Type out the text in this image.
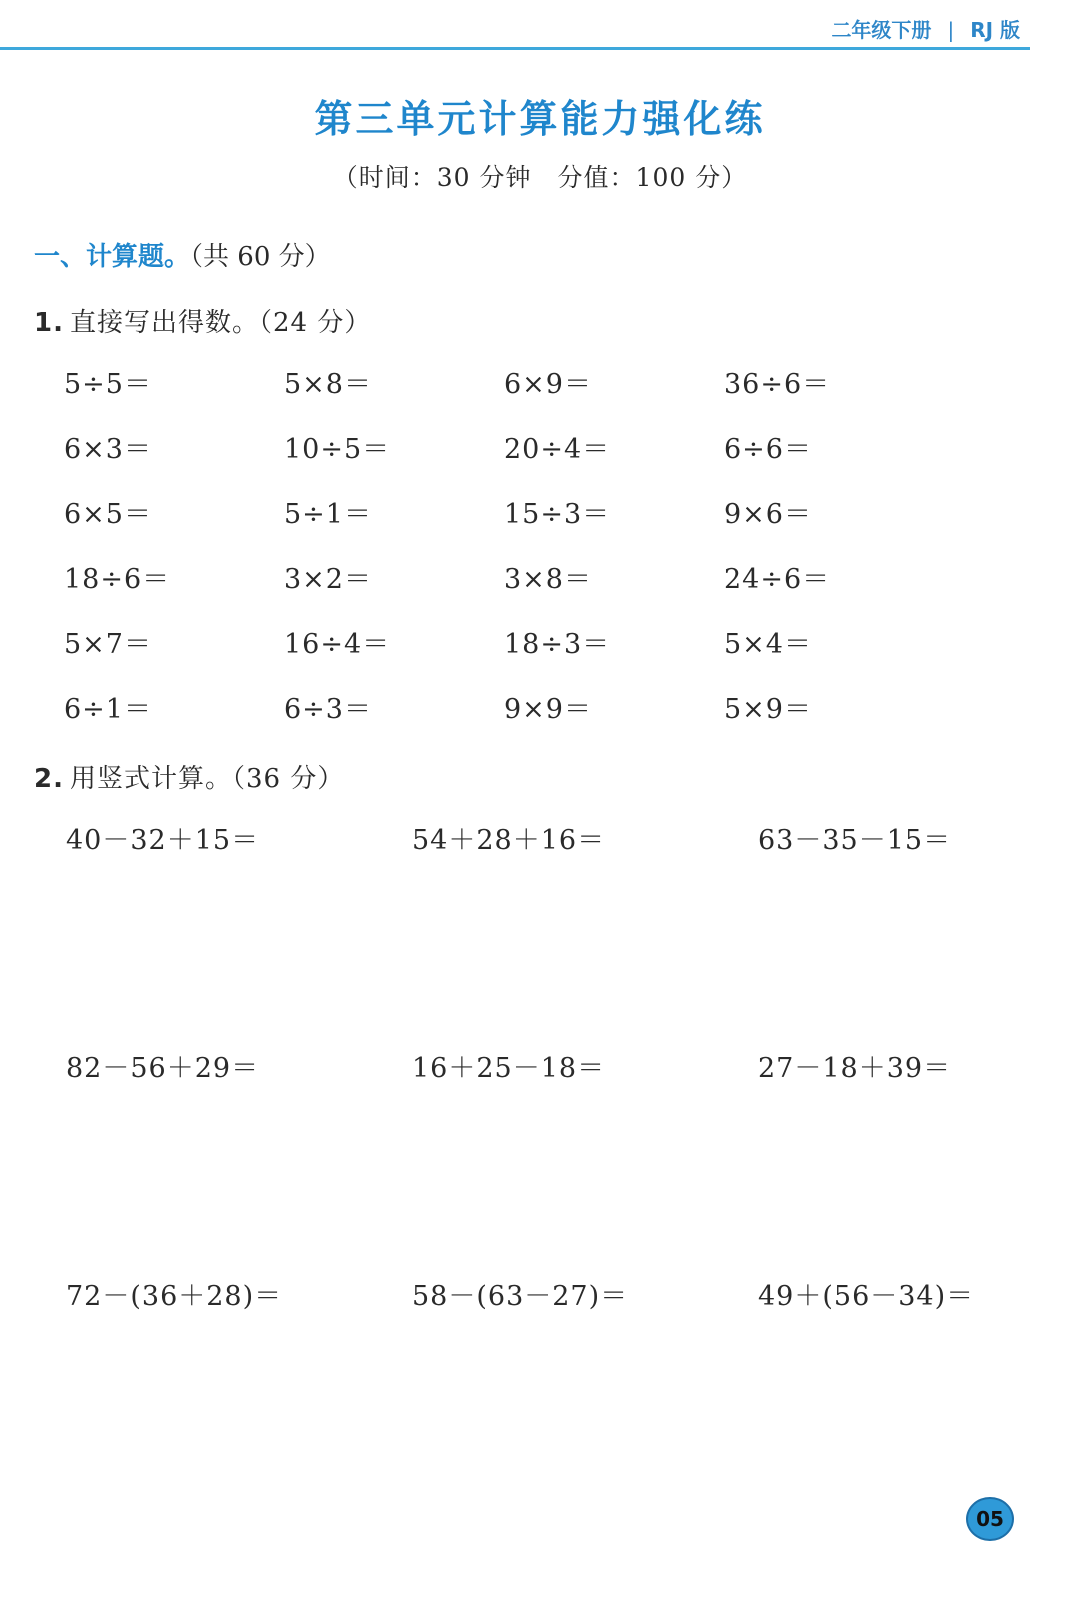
二年级下册 | RJ 版
第三单元计算能力强化练
（时间：30 分钟　分值：100 分）
一、计算题。（共 60 分）
1. 直接写出得数。（24 分）
5÷5＝	5×8＝	6×9＝	36÷6＝
6×3＝	10÷5＝	20÷4＝	6÷6＝
6×5＝	5÷1＝	15÷3＝	9×6＝
18÷6＝	3×2＝	3×8＝	24÷6＝
5×7＝	16÷4＝	18÷3＝	5×4＝
6÷1＝	6÷3＝	9×9＝	5×9＝
2. 用竖式计算。（36 分）
40－32＋15＝	54＋28＋16＝	63－35－15＝
82－56＋29＝	16＋25－18＝	27－18＋39＝
72－(36＋28)＝	58－(63－27)＝	49＋(56－34)＝
05
